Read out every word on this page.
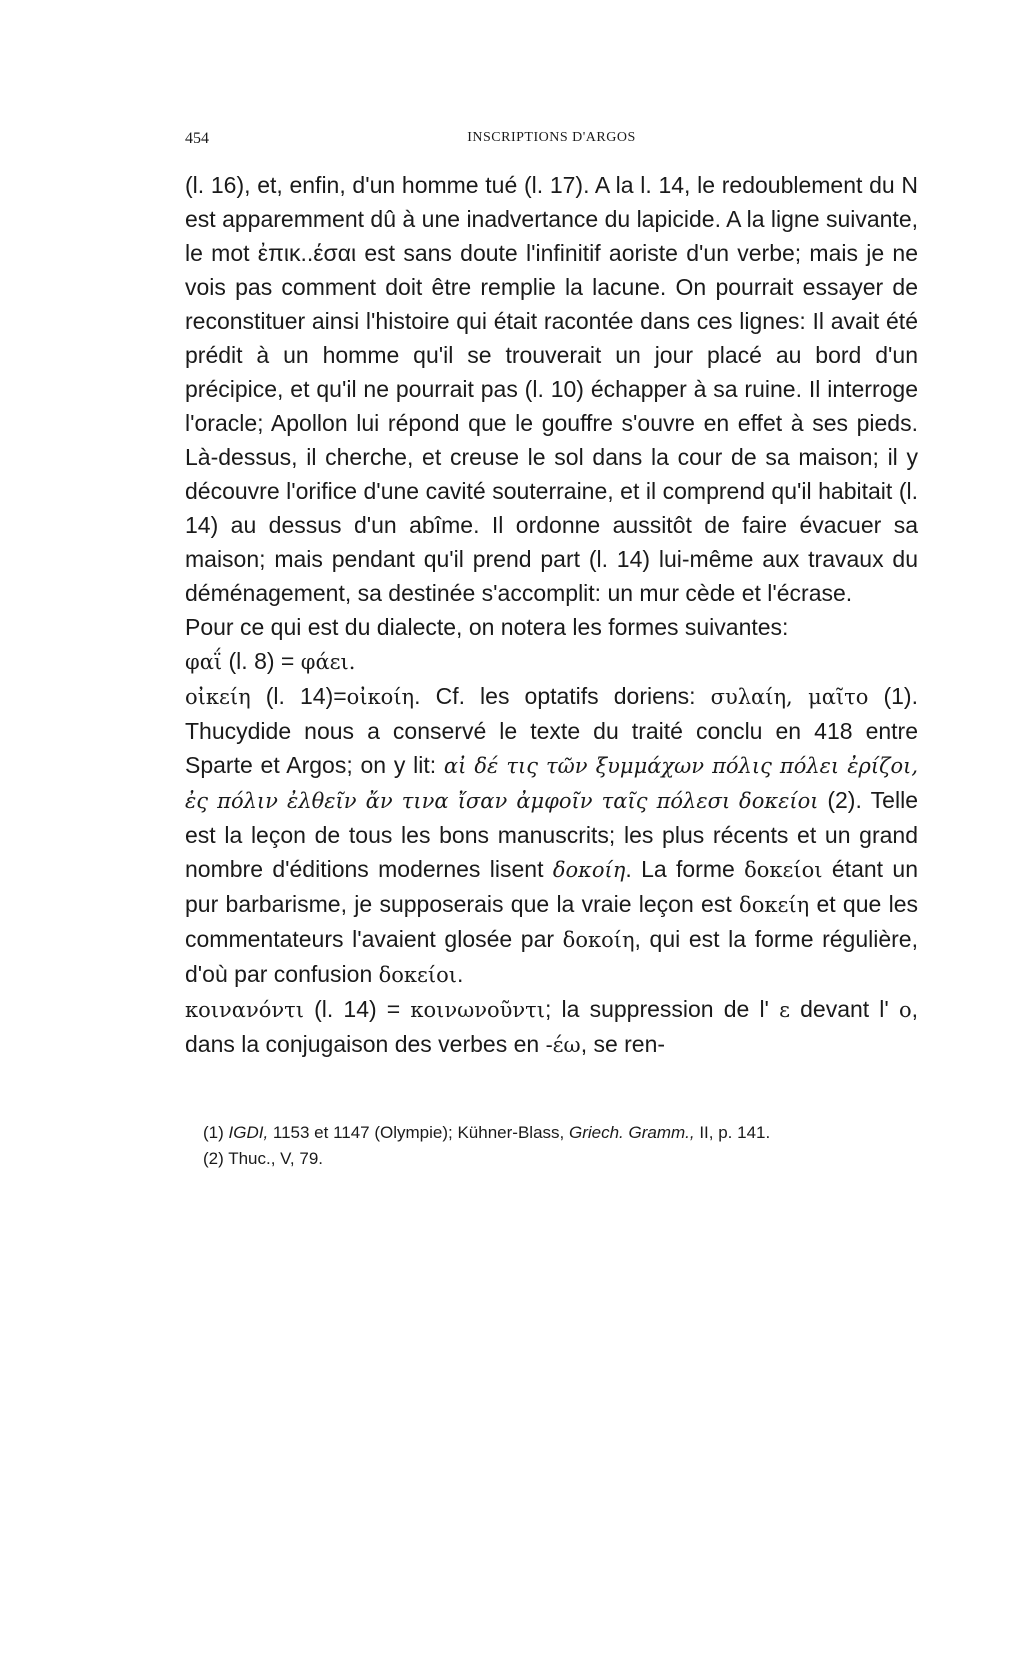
454	INSCRIPTIONS D'ARGOS

(l. 16), et, enfin, d'un homme tué (l. 17). A la l. 14, le redoublement du N est apparemment dû à une inadvertance du lapicide. A la ligne suivante, le mot ἐπικ..έσαι est sans doute l'infinitif aoriste d'un verbe; mais je ne vois pas comment doit être remplie la lacune. On pourrait essayer de reconstituer ainsi l'histoire qui était racontée dans ces lignes: Il avait été prédit à un homme qu'il se trouverait un jour placé au bord d'un précipice, et qu'il ne pourrait pas (l. 10) échapper à sa ruine. Il interroge l'oracle; Apollon lui répond que le gouffre s'ouvre en effet à ses pieds. Là-dessus, il cherche, et creuse le sol dans la cour de sa maison; il y découvre l'orifice d'une cavité souterraine, et il comprend qu'il habitait (l. 14) au dessus d'un abîme. Il ordonne aussitôt de faire évacuer sa maison; mais pendant qu'il prend part (l. 14) lui-même aux travaux du déménagement, sa destinée s'accomplit: un mur cède et l'écrase.

Pour ce qui est du dialecte, on notera les formes suivantes:

φαΐ (l. 8) = φάει.

οἰκείη (l. 14)=οἰκοίη. Cf. les optatifs doriens: συλαίη, μαῖτο (1). Thucydide nous a conservé le texte du traité conclu en 418 entre Sparte et Argos; on y lit: αἰ δέ τις τῶν ξυμμάχων πόλις πόλει ἐρίζοι, ἐς πόλιν ἐλθεῖν ἄν τινα ἴσαν ἀμφοῖν ταῖς πόλεσι δοκείοι (2). Telle est la leçon de tous les bons manuscrits; les plus récents et un grand nombre d'éditions modernes lisent δοκοίη. La forme δοκείοι étant un pur barbarisme, je supposerais que la vraie leçon est δοκείη et que les commentateurs l'avaient glosée par δοκοίη, qui est la forme régulière, d'où par confusion δοκείοι.

κοινανόντι (l. 14) = κοινωνοῦντι; la suppression de l' ε devant l' ο, dans la conjugaison des verbes en -έω, se ren-

(1) IGDI, 1153 et 1147 (Olympie); Kühner-Blass, Griech. Gramm., II, p. 141.

(2) Thuc., V, 79.
